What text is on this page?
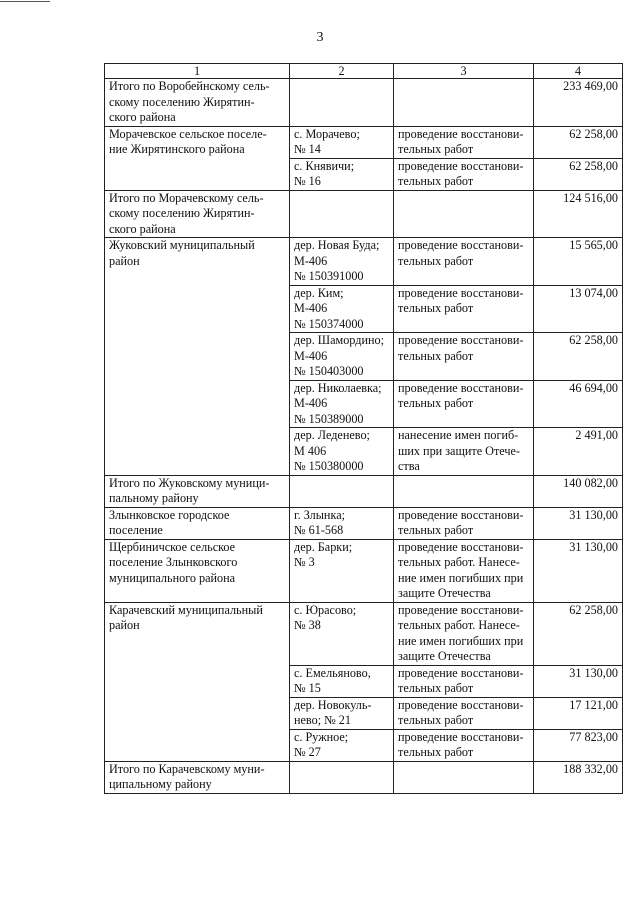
3
1	2	3	4
Итого по Воробейнскому сель-
скому поселению Жирятин-
ского района			233 469,00
Морачевское сельское поселе-
ние Жирятинского района	с. Морачево;
№ 14	проведение восстанови-
тельных работ	62 258,00
	с. Княвичи;
№ 16	проведение восстанови-
тельных работ	62 258,00
Итого по Морачевскому сель-
скому поселению Жирятин-
ского района			124 516,00
Жуковский муниципальный
район	дер. Новая Буда;
М-406
№ 150391000	проведение восстанови-
тельных работ	15 565,00
	дер. Ким;
М-406
№ 150374000	проведение восстанови-
тельных работ	13 074,00
	дер. Шамордино;
М-406
№ 150403000	проведение восстанови-
тельных работ	62 258,00
	дер. Николаевка;
М-406
№ 150389000	проведение восстанови-
тельных работ	46 694,00
	дер. Леденево;
М 406
№ 150380000	нанесение имен погиб-
ших при защите Отече-
ства	2 491,00
Итого по Жуковскому муници-
пальному району			140 082,00
Злынковское городское
поселение	г. Злынка;
№ 61-568	проведение восстанови-
тельных работ	31 130,00
Щербиничское сельское
поселение Злынковского
муниципального района	дер. Барки;
№ 3	проведение восстанови-
тельных работ. Нанесе-
ние имен погибших при
защите Отечества	31 130,00
Карачевский муниципальный
район	с. Юрасово;
№ 38	проведение восстанови-
тельных работ. Нанесе-
ние имен погибших при
защите Отечества	62 258,00
	с. Емельяново,
№ 15	проведение восстанови-
тельных работ	31 130,00
	дер. Новокуль-
нево; № 21	проведение восстанови-
тельных работ	17 121,00
	с. Ружное;
№ 27	проведение восстанови-
тельных работ	77 823,00
Итого по Карачевскому муни-
ципальному району			188 332,00
